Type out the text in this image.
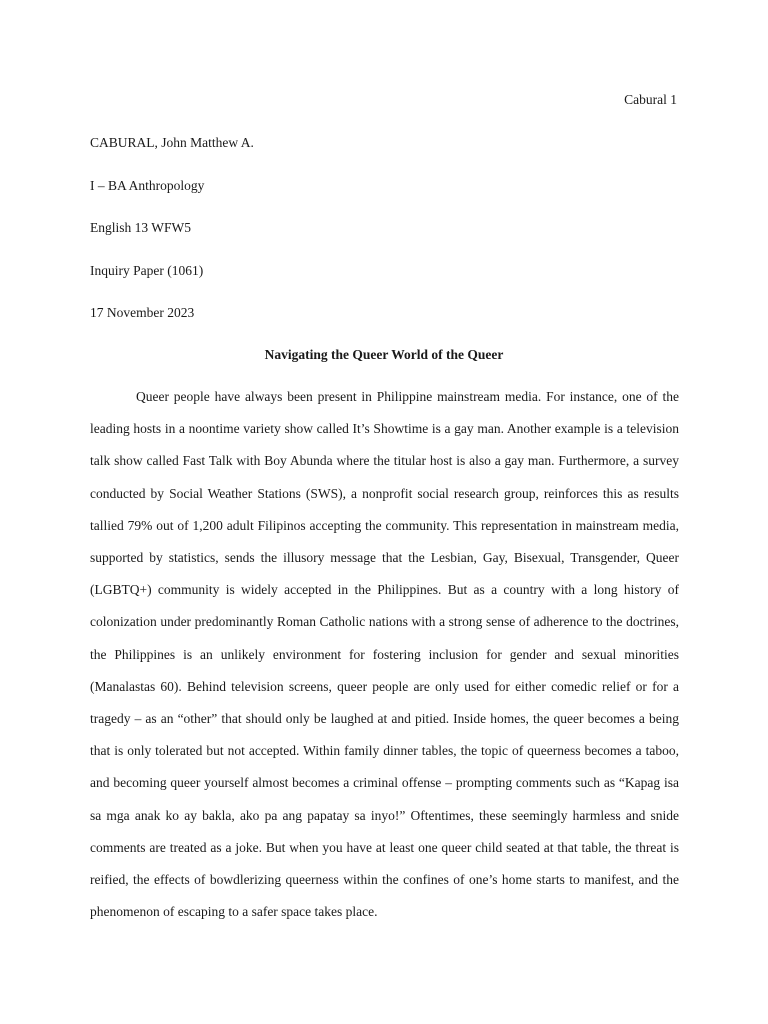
Cabural 1
CABURAL, John Matthew A.
I – BA Anthropology
English 13 WFW5
Inquiry Paper (1061)
17 November 2023
Navigating the Queer World of the Queer

Queer people have always been present in Philippine mainstream media. For instance, one of the leading hosts in a noontime variety show called It’s Showtime is a gay man. Another example is a television talk show called Fast Talk with Boy Abunda where the titular host is also a gay man. Furthermore, a survey conducted by Social Weather Stations (SWS), a nonprofit social research group, reinforces this as results tallied 79% out of 1,200 adult Filipinos accepting the community. This representation in mainstream media, supported by statistics, sends the illusory message that the Lesbian, Gay, Bisexual, Transgender, Queer (LGBTQ+) community is widely accepted in the Philippines. But as a country with a long history of colonization under predominantly Roman Catholic nations with a strong sense of adherence to the doctrines, the Philippines is an unlikely environment for fostering inclusion for gender and sexual minorities (Manalastas 60). Behind television screens, queer people are only used for either comedic relief or for a tragedy – as an “other” that should only be laughed at and pitied. Inside homes, the queer becomes a being that is only tolerated but not accepted. Within family dinner tables, the topic of queerness becomes a taboo, and becoming queer yourself almost becomes a criminal offense – prompting comments such as “Kapag isa sa mga anak ko ay bakla, ako pa ang papatay sa inyo!” Oftentimes, these seemingly harmless and snide comments are treated as a joke. But when you have at least one queer child seated at that table, the threat is reified, the effects of bowdlerizing queerness within the confines of one’s home starts to manifest, and the phenomenon of escaping to a safer space takes place.
